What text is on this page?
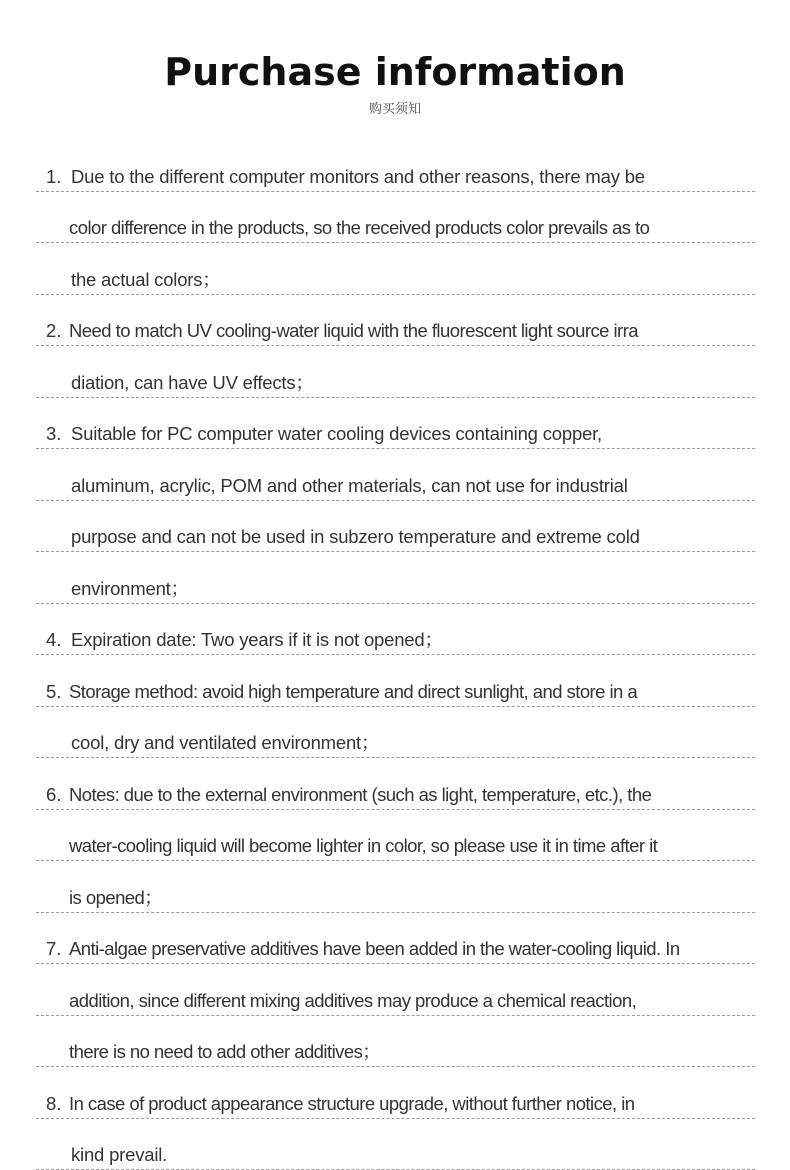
Purchase information
购买须知
1. Due to the different computer monitors and other reasons, there may be
color difference in the products, so the received products color prevails as to
the actual colors；
2. Need to match UV cooling-water liquid with the fluorescent light source irra
diation, can have UV effects；
3. Suitable for PC computer water cooling devices containing copper,
aluminum, acrylic, POM and other materials, can not use for industrial
purpose and can not be used in subzero temperature and extreme cold
environment；
4. Expiration date: Two years if it is not opened；
5. Storage method: avoid high temperature and direct sunlight, and store in a
cool, dry and ventilated environment；
6. Notes: due to the external environment (such as light, temperature, etc.), the
water-cooling liquid will become lighter in color, so please use it in time after it
is opened；
7. Anti-algae preservative additives have been added in the water-cooling liquid. In
addition, since different mixing additives may produce a chemical reaction,
there is no need to add other additives；
8. In case of product appearance structure upgrade, without further notice, in
kind prevail.
